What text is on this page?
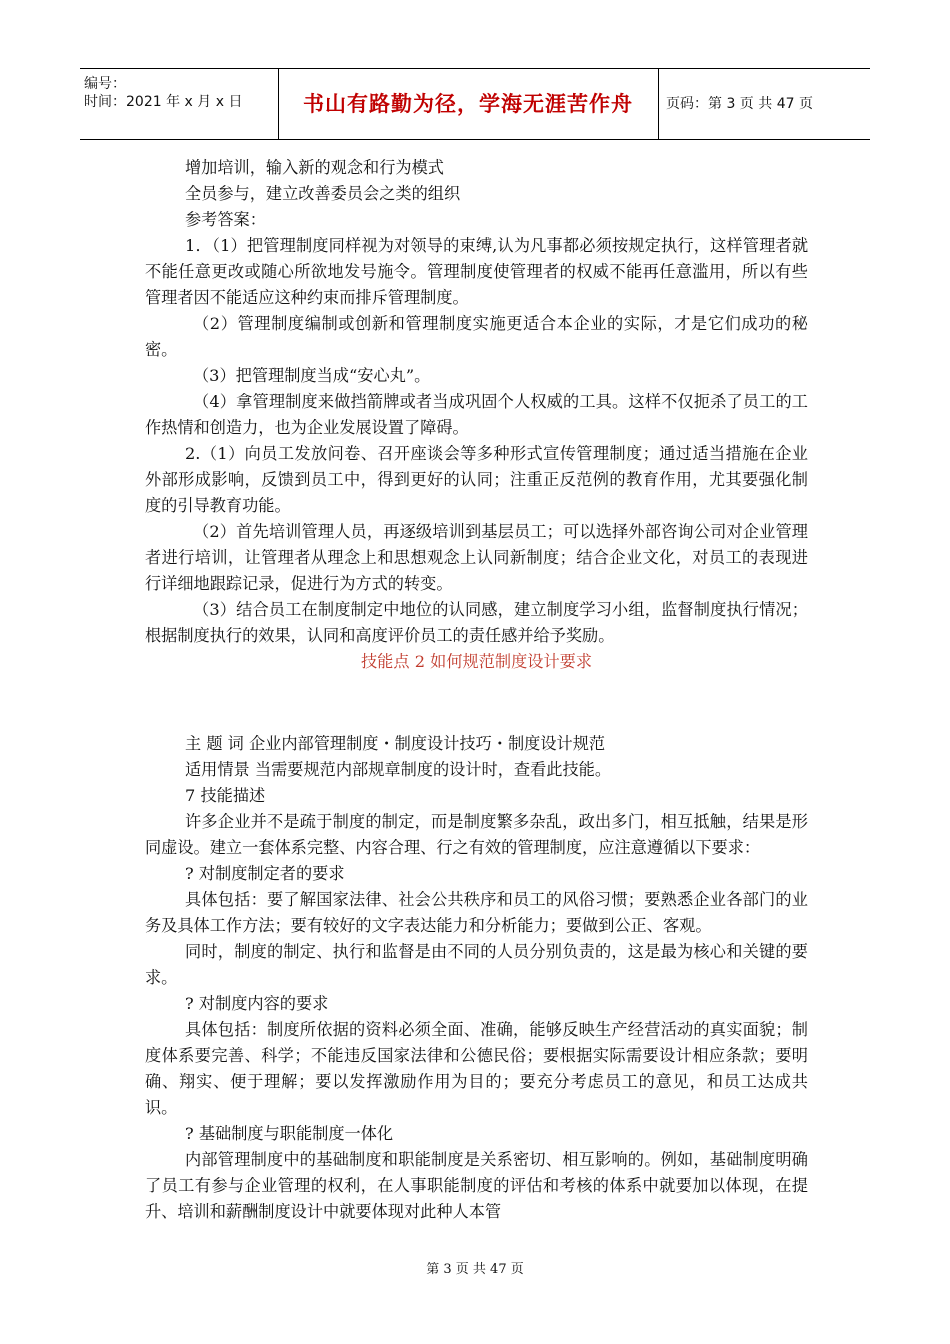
编号：
时间：2021 年 x 月 x 日	书山有路勤为径，学海无涯苦作舟	页码：第 3 页 共 47 页

增加培训，输入新的观念和行为模式

全员参与，建立改善委员会之类的组织

参考答案：

1．（1）把管理制度同样视为对领导的束缚,认为凡事都必须按规定执行，这样管理者就不能任意更改或随心所欲地发号施令。管理制度使管理者的权威不能再任意滥用，所以有些管理者因不能适应这种约束而排斥管理制度。

（2）管理制度编制或创新和管理制度实施更适合本企业的实际，才是它们成功的秘密。

（3）把管理制度当成“安心丸”。

（4）拿管理制度来做挡箭牌或者当成巩固个人权威的工具。这样不仅扼杀了员工的工作热情和创造力，也为企业发展设置了障碍。

2.（1）向员工发放问卷、召开座谈会等多种形式宣传管理制度；通过适当措施在企业外部形成影响，反馈到员工中，得到更好的认同；注重正反范例的教育作用，尤其要强化制度的引导教育功能。

（2）首先培训管理人员，再逐级培训到基层员工；可以选择外部咨询公司对企业管理者进行培训，让管理者从理念上和思想观念上认同新制度；结合企业文化，对员工的表现进行详细地跟踪记录，促进行为方式的转变。

（3）结合员工在制度制定中地位的认同感，建立制度学习小组，监督制度执行情况；根据制度执行的效果，认同和高度评价员工的责任感并给予奖励。

技能点 2 如何规范制度设计要求

主 题 词 企业内部管理制度・制度设计技巧・制度设计规范

适用情景 当需要规范内部规章制度的设计时，查看此技能。

7 技能描述

许多企业并不是疏于制度的制定，而是制度繁多杂乱，政出多门，相互抵触，结果是形同虚设。建立一套体系完整、内容合理、行之有效的管理制度，应注意遵循以下要求：

? 对制度制定者的要求

具体包括：要了解国家法律、社会公共秩序和员工的风俗习惯；要熟悉企业各部门的业务及具体工作方法；要有较好的文字表达能力和分析能力；要做到公正、客观。

同时，制度的制定、执行和监督是由不同的人员分别负责的，这是最为核心和关键的要求。

? 对制度内容的要求

具体包括：制度所依据的资料必须全面、准确，能够反映生产经营活动的真实面貌；制度体系要完善、科学；不能违反国家法律和公德民俗；要根据实际需要设计相应条款；要明确、翔实、便于理解；要以发挥激励作用为目的；要充分考虑员工的意见，和员工达成共识。

? 基础制度与职能制度一体化

内部管理制度中的基础制度和职能制度是关系密切、相互影响的。例如，基础制度明确了员工有参与企业管理的权利，在人事职能制度的评估和考核的体系中就要加以体现，在提升、培训和薪酬制度设计中就要体现对此种人本管

第 3 页 共 47 页
